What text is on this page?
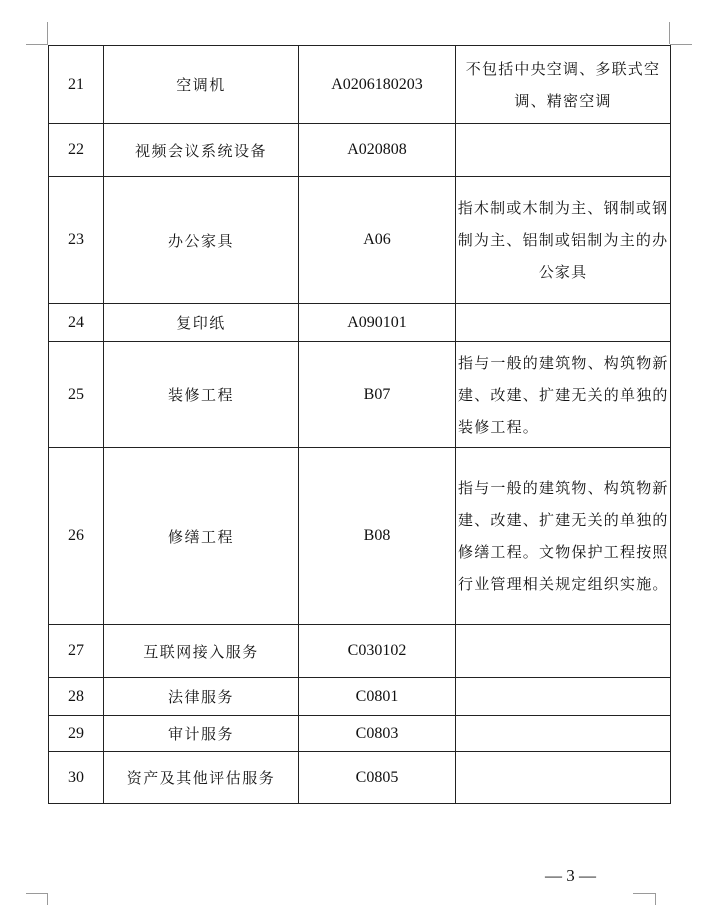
21	空调机	A0206180203	不包括中央空调、多联式空调、精密空调
22	视频会议系统设备	A020808	
23	办公家具	A06	指木制或木制为主、钢制或钢制为主、铝制或铝制为主的办公家具
24	复印纸	A090101	
25	装修工程	B07	指与一般的建筑物、构筑物新建、改建、扩建无关的单独的装修工程。
26	修缮工程	B08	指与一般的建筑物、构筑物新建、改建、扩建无关的单独的修缮工程。文物保护工程按照行业管理相关规定组织实施。
27	互联网接入服务	C030102	
28	法律服务	C0801	
29	审计服务	C0803	
30	资产及其他评估服务	C0805	
— 3 —
